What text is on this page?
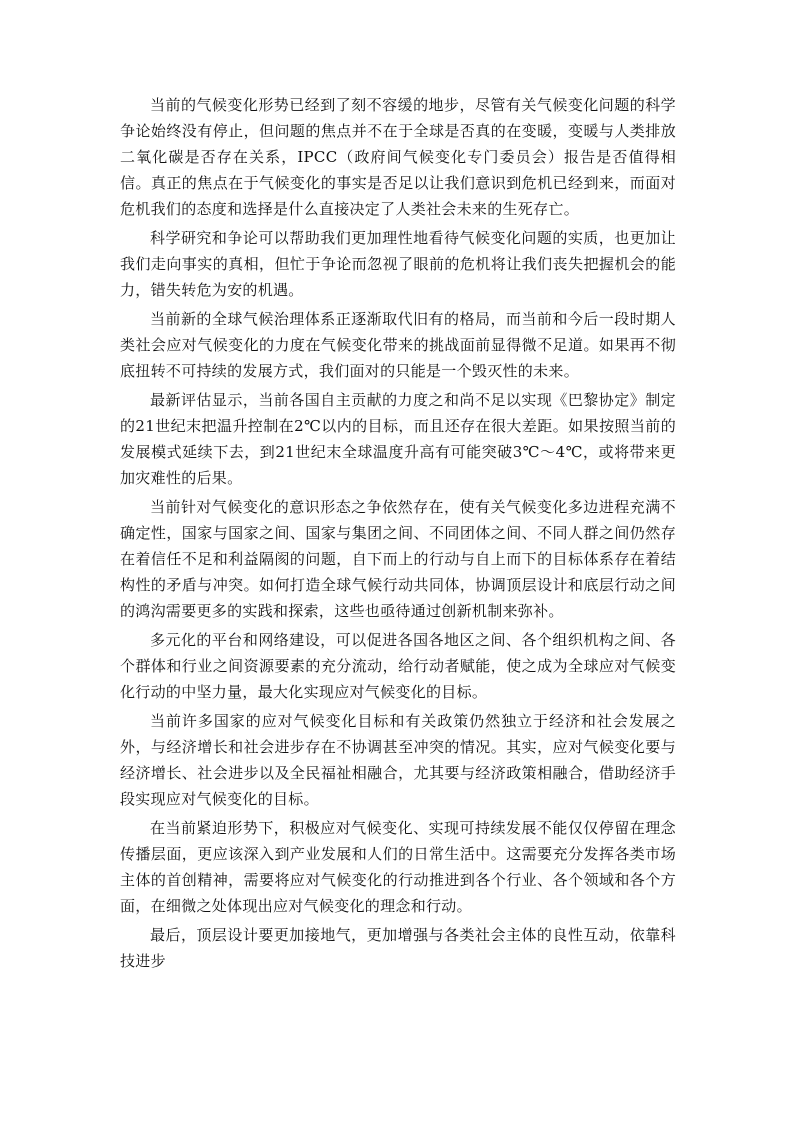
当前的气候变化形势已经到了刻不容缓的地步，尽管有关气候变化问题的科学争论始终没有停止，但问题的焦点并不在于全球是否真的在变暖，变暖与人类排放二氧化碳是否存在关系，IPCC（政府间气候变化专门委员会）报告是否值得相信。真正的焦点在于气候变化的事实是否足以让我们意识到危机已经到来，而面对危机我们的态度和选择是什么直接决定了人类社会未来的生死存亡。

科学研究和争论可以帮助我们更加理性地看待气候变化问题的实质，也更加让我们走向事实的真相，但忙于争论而忽视了眼前的危机将让我们丧失把握机会的能力，错失转危为安的机遇。

当前新的全球气候治理体系正逐渐取代旧有的格局，而当前和今后一段时期人类社会应对气候变化的力度在气候变化带来的挑战面前显得微不足道。如果再不彻底扭转不可持续的发展方式，我们面对的只能是一个毁灭性的未来。

最新评估显示，当前各国自主贡献的力度之和尚不足以实现《巴黎协定》制定的21世纪末把温升控制在2℃以内的目标，而且还存在很大差距。如果按照当前的发展模式延续下去，到21世纪末全球温度升高有可能突破3℃～4℃，或将带来更加灾难性的后果。

当前针对气候变化的意识形态之争依然存在，使有关气候变化多边进程充满不确定性，国家与国家之间、国家与集团之间、不同团体之间、不同人群之间仍然存在着信任不足和利益隔阂的问题，自下而上的行动与自上而下的目标体系存在着结构性的矛盾与冲突。如何打造全球气候行动共同体，协调顶层设计和底层行动之间的鸿沟需要更多的实践和探索，这些也亟待通过创新机制来弥补。

多元化的平台和网络建设，可以促进各国各地区之间、各个组织机构之间、各个群体和行业之间资源要素的充分流动，给行动者赋能，使之成为全球应对气候变化行动的中坚力量，最大化实现应对气候变化的目标。

当前许多国家的应对气候变化目标和有关政策仍然独立于经济和社会发展之外，与经济增长和社会进步存在不协调甚至冲突的情况。其实，应对气候变化要与经济增长、社会进步以及全民福祉相融合，尤其要与经济政策相融合，借助经济手段实现应对气候变化的目标。

在当前紧迫形势下，积极应对气候变化、实现可持续发展不能仅仅停留在理念传播层面，更应该深入到产业发展和人们的日常生活中。这需要充分发挥各类市场主体的首创精神，需要将应对气候变化的行动推进到各个行业、各个领域和各个方面，在细微之处体现出应对气候变化的理念和行动。

最后，顶层设计要更加接地气，更加增强与各类社会主体的良性互动，依靠科技进步
